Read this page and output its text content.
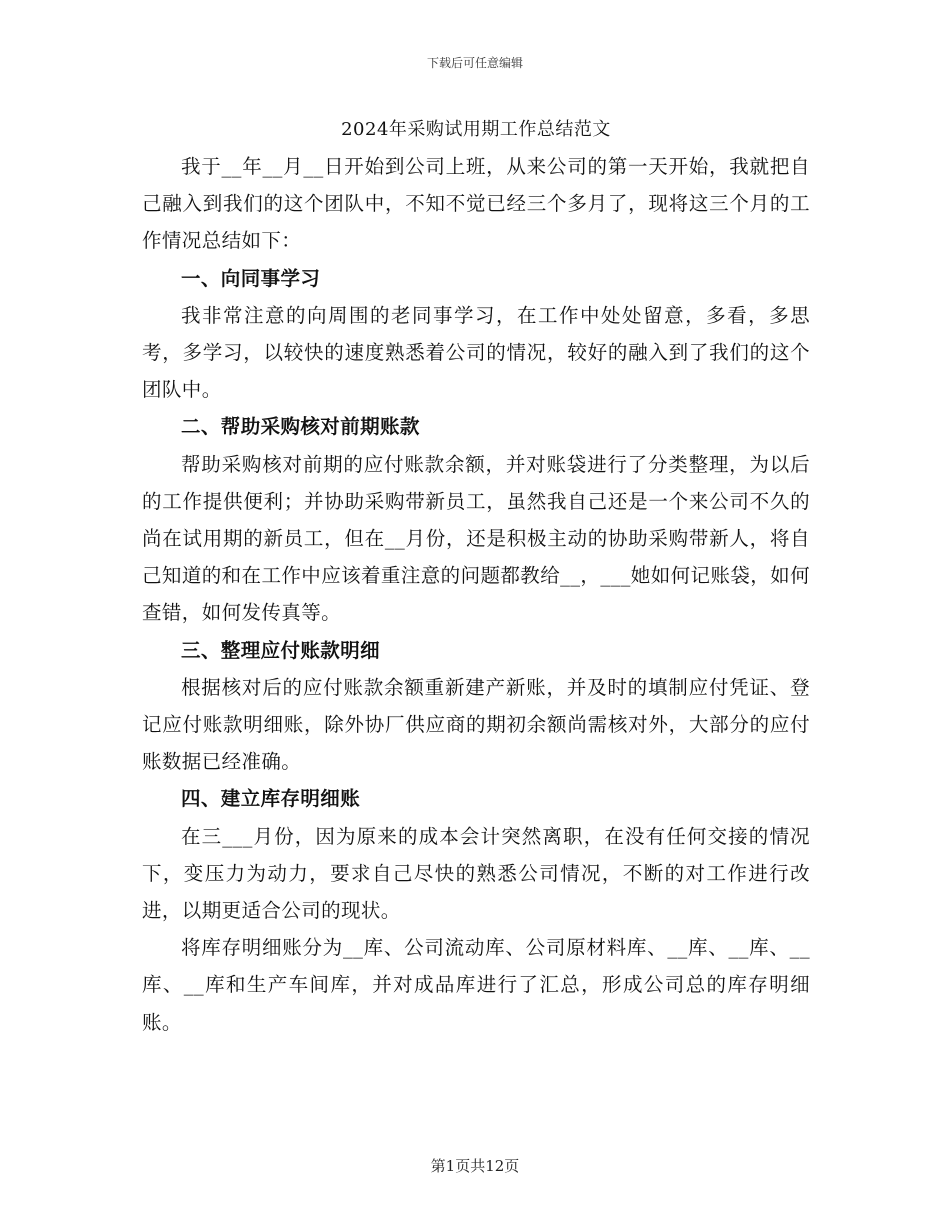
下载后可任意编辑
2024年采购试用期工作总结范文

我于__年__月__日开始到公司上班，从来公司的第一天开始，我就把自己融入到我们的这个团队中，不知不觉已经三个多月了，现将这三个月的工作情况总结如下：

一、向同事学习

我非常注意的向周围的老同事学习，在工作中处处留意，多看，多思考，多学习，以较快的速度熟悉着公司的情况，较好的融入到了我们的这个团队中。

二、帮助采购核对前期账款

帮助采购核对前期的应付账款余额，并对账袋进行了分类整理，为以后的工作提供便利；并协助采购带新员工，虽然我自己还是一个来公司不久的尚在试用期的新员工，但在__月份，还是积极主动的协助采购带新人，将自己知道的和在工作中应该着重注意的问题都教给__，___她如何记账袋，如何查错，如何发传真等。

三、整理应付账款明细

根据核对后的应付账款余额重新建产新账，并及时的填制应付凭证、登记应付账款明细账，除外协厂供应商的期初余额尚需核对外，大部分的应付账数据已经准确。

四、建立库存明细账

在三___月份，因为原来的成本会计突然离职，在没有任何交接的情况下，变压力为动力，要求自己尽快的熟悉公司情况，不断的对工作进行改进，以期更适合公司的现状。

将库存明细账分为__库、公司流动库、公司原材料库、__库、__库、__库、__库和生产车间库，并对成品库进行了汇总，形成公司总的库存明细账。

第1页共12页
